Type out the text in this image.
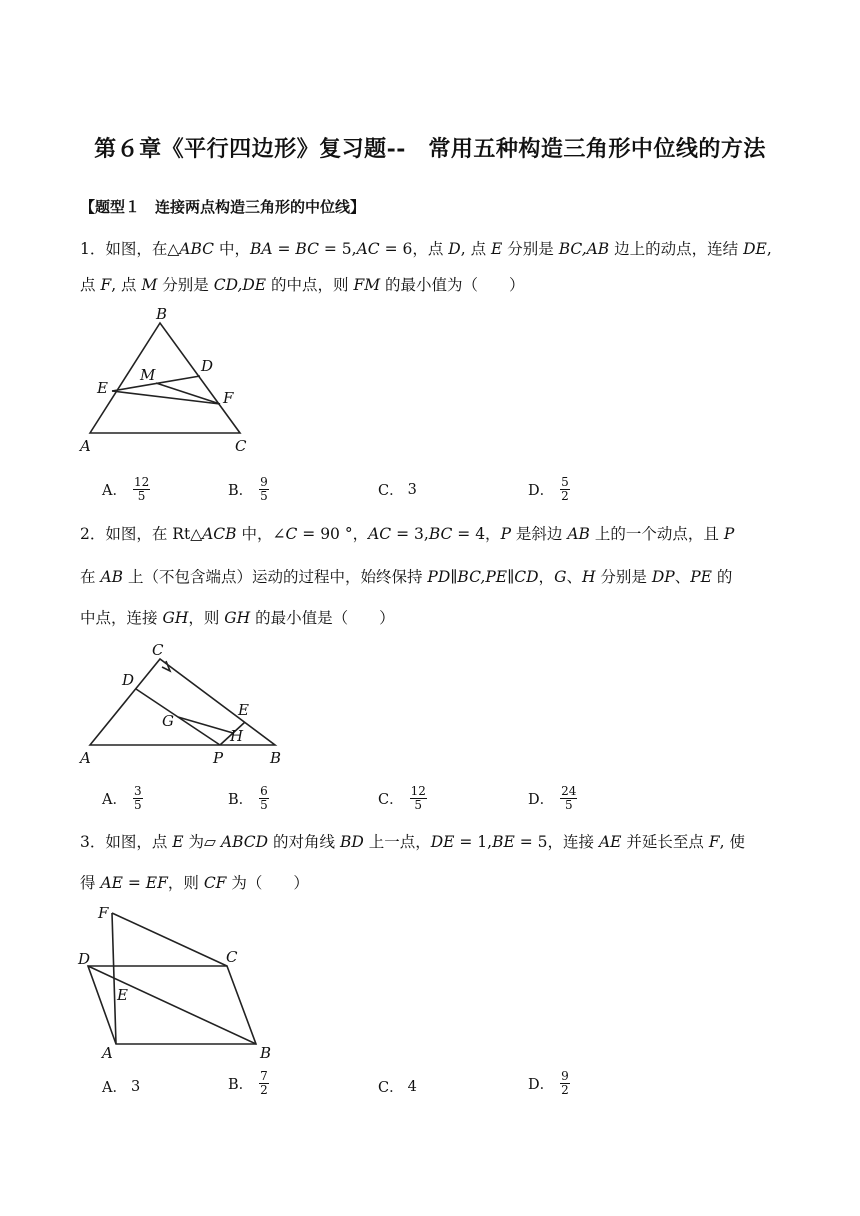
第６章《平行四边形》复习题--　常用五种构造三角形中位线的方法
【题型１　连接两点构造三角形的中位线】
1．如图，在△ABC 中，BA = BC = 5,AC = 6，点 D, 点 E 分别是 BC,AB 边上的动点，连结 DE,
点 F, 点 M 分别是 CD,DE 的中点，则 FM 的最小值为（　　）
A
B
C
D
E
F
M
A． $\frac{12}{5}$	B． $\frac{9}{5}$	C． 3	D． $\frac{5}{2}$
2．如图，在 Rt△ACB 中，∠C = 90 °，AC = 3,BC = 4，P 是斜边 AB 上的一个动点，且 P
在 AB 上（不包含端点）运动的过程中，始终保持 PD∥BC,PE∥CD，G、H 分别是 DP、PE 的
中点，连接 GH，则 GH 的最小值是（　　）
A	B
C
D
E
G
H
P
A． $\frac{3}{5}$	B． $\frac{6}{5}$	C． $\frac{12}{5}$	D． $\frac{24}{5}$
3．如图，点 E 为▱ ABCD 的对角线 BD 上一点，DE = 1,BE = 5，连接 AE 并延长至点 F, 使
得 AE = EF，则 CF 为（　　）
A	B
C
D
E
F
A． 3	B． $\frac{7}{2}$	C． 4	D． $\frac{9}{2}$
